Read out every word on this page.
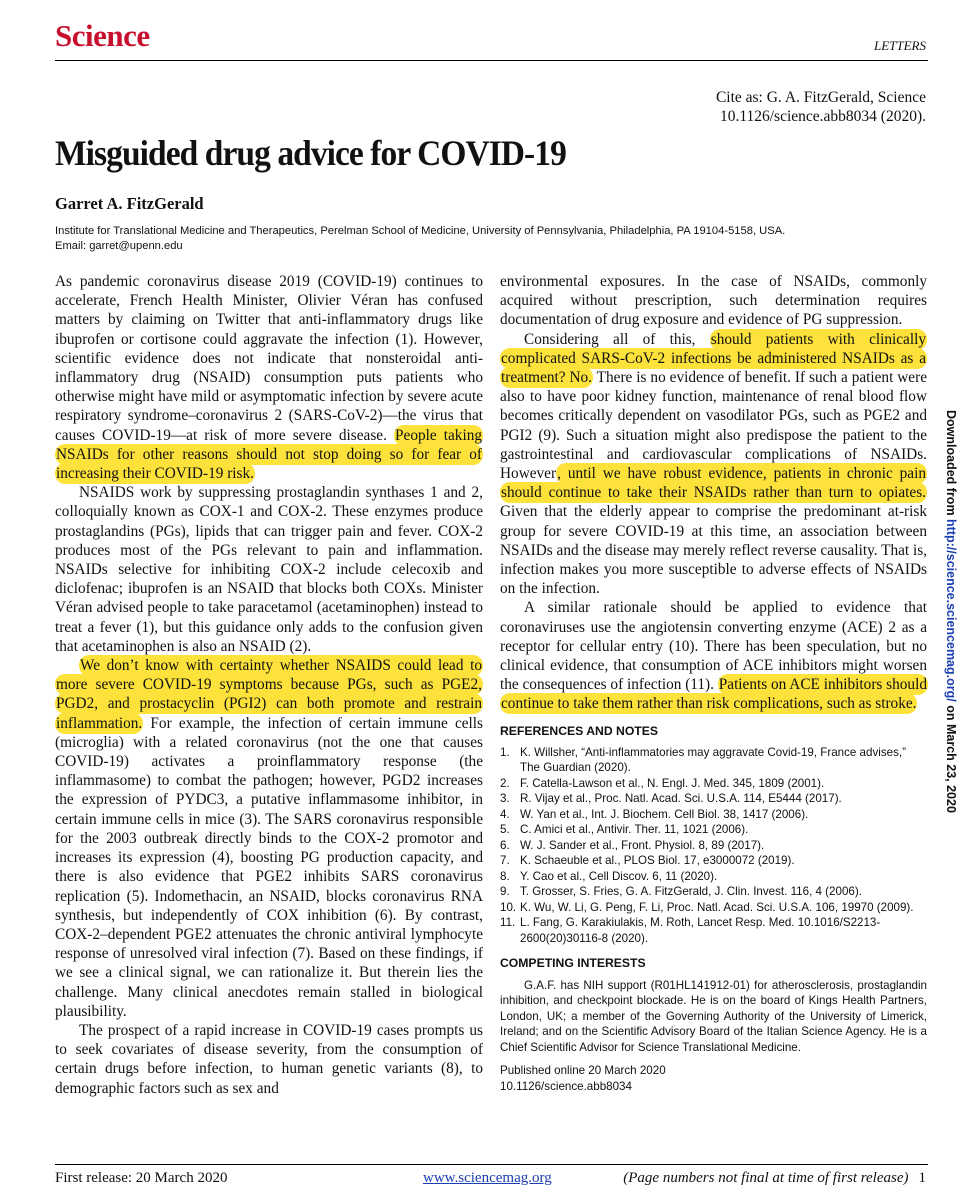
Science	LETTERS
Cite as: G. A. FitzGerald, Science
10.1126/science.abb8034 (2020).
Misguided drug advice for COVID-19
Garret A. FitzGerald
Institute for Translational Medicine and Therapeutics, Perelman School of Medicine, University of Pennsylvania, Philadelphia, PA 19104-5158, USA.
Email: garret@upenn.edu

As pandemic coronavirus disease 2019 (COVID-19) continues to accelerate, French Health Minister, Olivier Véran has confused matters by claiming on Twitter that anti-inflammatory drugs like ibuprofen or cortisone could aggravate the infection (1). However, scientific evidence does not indicate that nonsteroidal anti-inflammatory drug (NSAID) consumption puts patients who otherwise might have mild or asymptomatic infection by severe acute respiratory syndrome–coronavirus 2 (SARS-CoV-2)—the virus that causes COVID-19—at risk of more severe disease. People taking NSAIDs for other reasons should not stop doing so for fear of increasing their COVID-19 risk.

NSAIDS work by suppressing prostaglandin synthases 1 and 2, colloquially known as COX-1 and COX-2. These enzymes produce prostaglandins (PGs), lipids that can trigger pain and fever. COX-2 produces most of the PGs relevant to pain and inflammation. NSAIDs selective for inhibiting COX-2 include celecoxib and diclofenac; ibuprofen is an NSAID that blocks both COXs. Minister Véran advised people to take paracetamol (acetaminophen) instead to treat a fever (1), but this guidance only adds to the confusion given that acetaminophen is also an NSAID (2).

We don’t know with certainty whether NSAIDS could lead to more severe COVID-19 symptoms because PGs, such as PGE2, PGD2, and prostacyclin (PGI2) can both promote and restrain inflammation. For example, the infection of certain immune cells (microglia) with a related coronavirus (not the one that causes COVID-19) activates a proinflammatory response (the inflammasome) to combat the pathogen; however, PGD2 increases the expression of PYDC3, a putative inflammasome inhibitor, in certain immune cells in mice (3). The SARS coronavirus responsible for the 2003 outbreak directly binds to the COX-2 promotor and increases its expression (4), boosting PG production capacity, and there is also evidence that PGE2 inhibits SARS coronavirus replication (5). Indomethacin, an NSAID, blocks coronavirus RNA synthesis, but independently of COX inhibition (6). By contrast, COX-2–dependent PGE2 attenuates the chronic antiviral lymphocyte response of unresolved viral infection (7). Based on these findings, if we see a clinical signal, we can rationalize it. But therein lies the challenge. Many clinical anecdotes remain stalled in biological plausibility.

The prospect of a rapid increase in COVID-19 cases prompts us to seek covariates of disease severity, from the consumption of certain drugs before infection, to human genetic variants (8), to demographic factors such as sex and

environmental exposures. In the case of NSAIDs, commonly acquired without prescription, such determination requires documentation of drug exposure and evidence of PG suppression.

Considering all of this, should patients with clinically complicated SARS-CoV-2 infections be administered NSAIDs as a treatment? No. There is no evidence of benefit. If such a patient were also to have poor kidney function, maintenance of renal blood flow becomes critically dependent on vasodilator PGs, such as PGE2 and PGI2 (9). Such a situation might also predispose the patient to the gastrointestinal and cardiovascular complications of NSAIDs. However, until we have robust evidence, patients in chronic pain should continue to take their NSAIDs rather than turn to opiates. Given that the elderly appear to comprise the predominant at-risk group for severe COVID-19 at this time, an association between NSAIDs and the disease may merely reflect reverse causality. That is, infection makes you more susceptible to adverse effects of NSAIDs on the infection.

A similar rationale should be applied to evidence that coronaviruses use the angiotensin converting enzyme (ACE) 2 as a receptor for cellular entry (10). There has been speculation, but no clinical evidence, that consumption of ACE inhibitors might worsen the consequences of infection (11). Patients on ACE inhibitors should continue to take them rather than risk complications, such as stroke.

REFERENCES AND NOTES
1. K. Willsher, “Anti-inflammatories may aggravate Covid-19, France advises,” The Guardian (2020).
2. F. Catella-Lawson et al., N. Engl. J. Med. 345, 1809 (2001).
3. R. Vijay et al., Proc. Natl. Acad. Sci. U.S.A. 114, E5444 (2017).
4. W. Yan et al., Int. J. Biochem. Cell Biol. 38, 1417 (2006).
5. C. Amici et al., Antivir. Ther. 11, 1021 (2006).
6. W. J. Sander et al., Front. Physiol. 8, 89 (2017).
7. K. Schaeuble et al., PLOS Biol. 17, e3000072 (2019).
8. Y. Cao et al., Cell Discov. 6, 11 (2020).
9. T. Grosser, S. Fries, G. A. FitzGerald, J. Clin. Invest. 116, 4 (2006).
10. K. Wu, W. Li, G. Peng, F. Li, Proc. Natl. Acad. Sci. U.S.A. 106, 19970 (2009).
11. L. Fang, G. Karakiulakis, M. Roth, Lancet Resp. Med. 10.1016/S2213-2600(20)30116-8 (2020).
COMPETING INTERESTS

G.A.F. has NIH support (R01HL141912-01) for atherosclerosis, prostaglandin inhibition, and checkpoint blockade. He is on the board of Kings Health Partners, London, UK; a member of the Governing Authority of the University of Limerick, Ireland; and on the Scientific Advisory Board of the Italian Science Agency. He is a Chief Scientific Advisor for Science Translational Medicine.

Published online 20 March 2020
10.1126/science.abb8034
First release: 20 March 2020	www.sciencemag.org	(Page numbers not final at time of first release) 1
Downloaded from http://science.sciencemag.org/ on March 23, 2020
